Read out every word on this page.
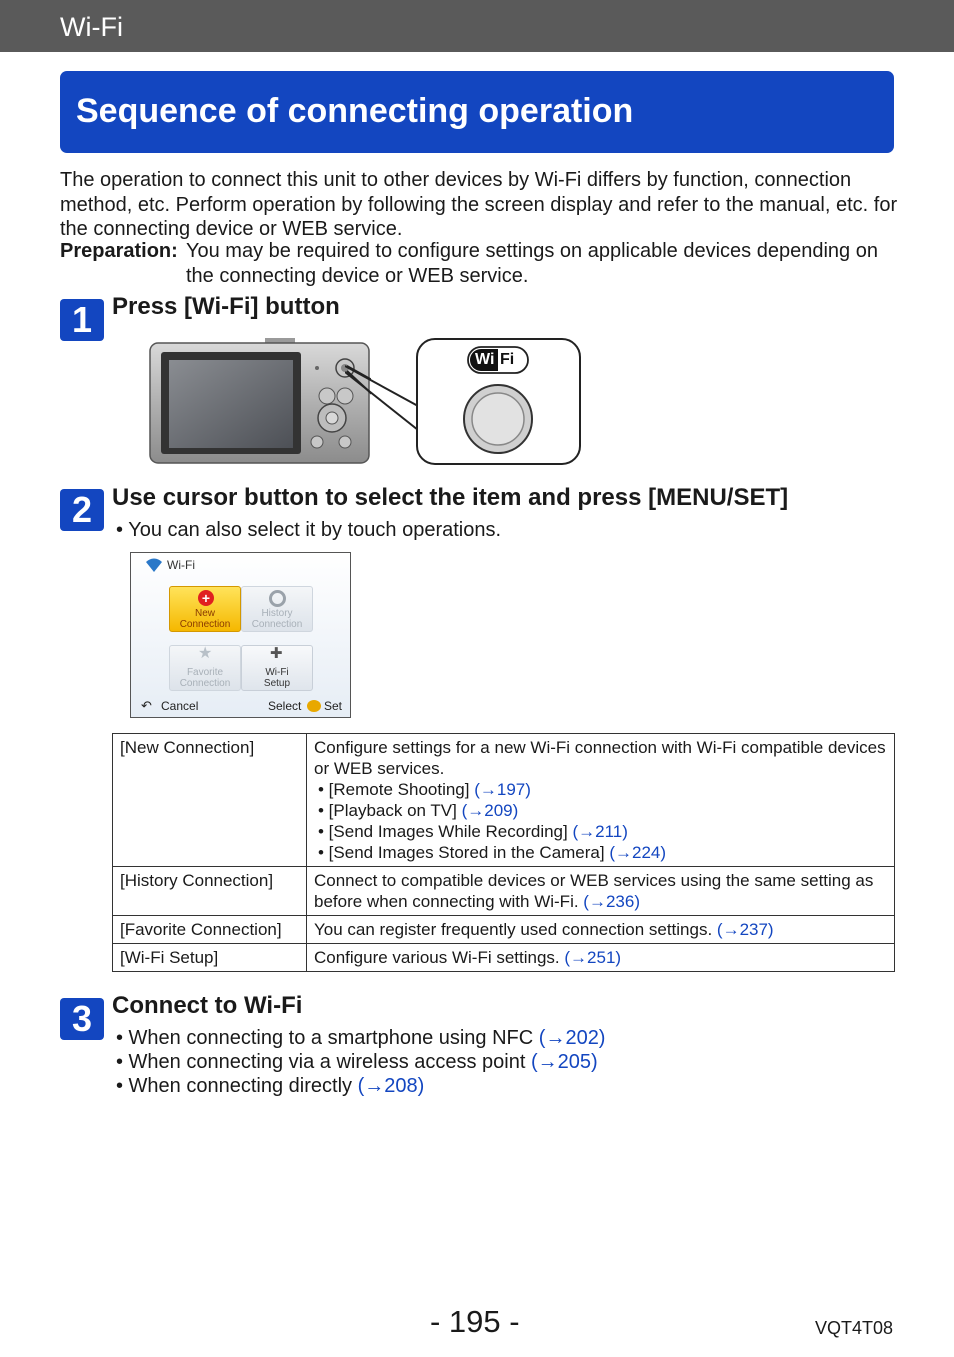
Wi-Fi
Sequence of connecting operation

The operation to connect this unit to other devices by Wi-Fi differs by function, connection method, etc. Perform operation by following the screen display and refer to the manual, etc. for the connecting device or WEB service.

Preparation: You may be required to configure settings on applicable devices depending on the connecting device or WEB service.
1 Press [Wi-Fi] button
Wi Fi
2 Use cursor button to select the item and press [MENU/SET]
• You can also select it by touch operations.
Wi-Fi
+
New
Connection
History
Connection
★
Favorite
Connection
✚
Wi-Fi
Setup
↶ Cancel	Select Set
[New Connection]	Configure settings for a new Wi-Fi connection with Wi-Fi compatible devices or WEB services.
• [Remote Shooting] (→197)
• [Playback on TV] (→209)
• [Send Images While Recording] (→211)
• [Send Images Stored in the Camera] (→224)

[History Connection]	Connect to compatible devices or WEB services using the same setting as before when connecting with Wi-Fi. (→236)
[Favorite Connection]	You can register frequently used connection settings. (→237)
[Wi-Fi Setup]	Configure various Wi-Fi settings. (→251)
3 Connect to Wi-Fi
• When connecting to a smartphone using NFC (→202)
• When connecting via a wireless access point (→205)
• When connecting directly (→208)
- 195 -	VQT4T08
